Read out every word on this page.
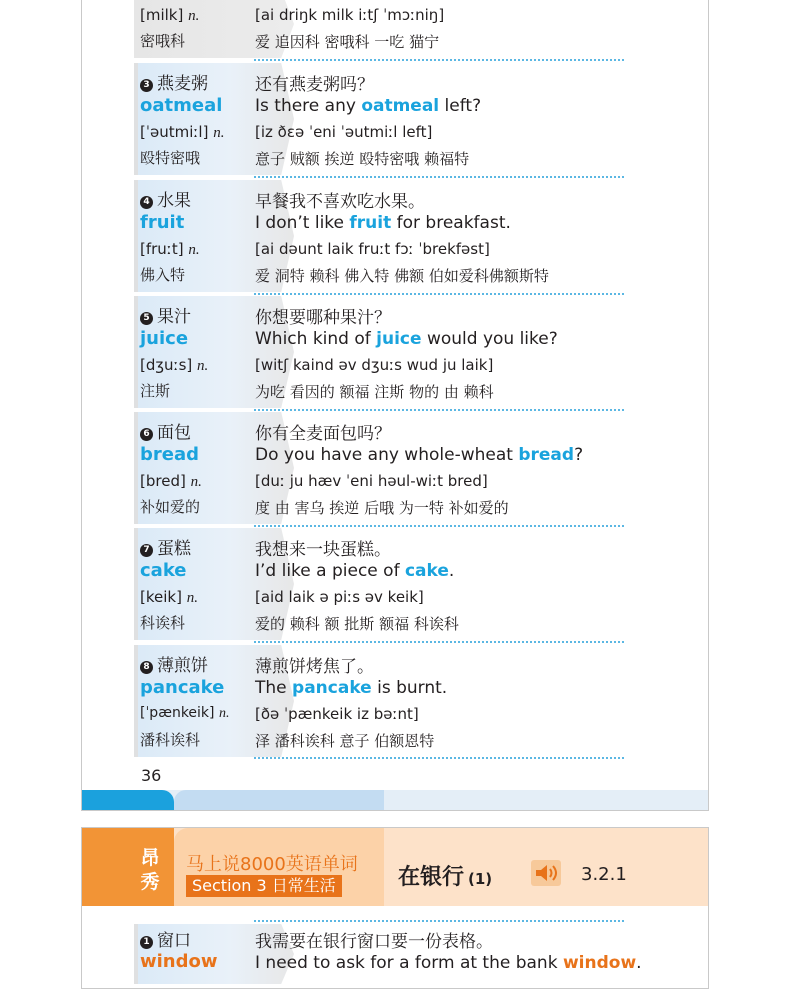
[milk] n.
密哦科
[ai driŋk milk iːtʃ ˈmɔːniŋ]
爱 追因科 密哦科 一吃 猫宁
3 燕麦粥
oatmeal
[ˈəutmiːl] n.
殴特密哦
还有燕麦粥吗？
Is there any oatmeal left?
[iz ðɛə ˈeni ˈəutmiːl left]
意子 贼额 挨逆 殴特密哦 赖福特
4 水果
fruit
[fruːt] n.
佛入特
早餐我不喜欢吃水果。
I don’t like fruit for breakfast.
[ai dəunt laik fruːt fɔː ˈbrekfəst]
爱 洞特 赖科 佛入特 佛额 伯如爱科佛额斯特
5 果汁
juice
[dʒuːs] n.
注斯
你想要哪种果汁？
Which kind of juice would you like?
[witʃ kaind əv dʒuːs wud ju laik]
为吃 看因的 额福 注斯 物的 由 赖科
6 面包
bread
[bred] n.
补如爱的
你有全麦面包吗？
Do you have any whole-wheat bread?
[duː ju hæv ˈeni həul-wiːt bred]
度 由 害乌 挨逆 后哦 为一特 补如爱的
7 蛋糕
cake
[keik] n.
科诶科
我想来一块蛋糕。
I’d like a piece of cake.
[aid laik ə piːs əv keik]
爱的 赖科 额 批斯 额福 科诶科
8 薄煎饼
pancake
[ˈpænkeik] n.
潘科诶科
薄煎饼烤焦了。
The pancake is burnt.
[ðə ˈpænkeik iz bəːnt]
泽 潘科诶科 意子 伯额恩特
36
昂秀
马上说8000英语单词
Section 3 日常生活	在银行 (1)	3.2.1
1 窗口
window
我需要在银行窗口要一份表格。
I need to ask for a form at the bank window.
